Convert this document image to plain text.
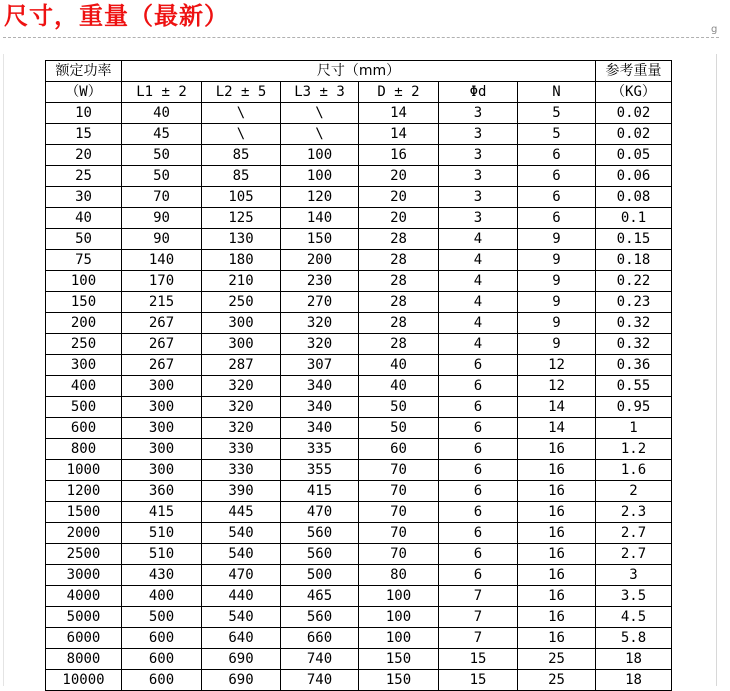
尺寸，重量（最新）	g
额定功率	尺寸（mm）						参考重量
（W）	L1 ± 2	L2 ± 5	L3 ± 3	D ± 2	Φd	N	（KG）
10	40	\	\	14	3	5	0.02
15	45	\	\	14	3	5	0.02
20	50	85	100	16	3	6	0.05
25	50	85	100	20	3	6	0.06
30	70	105	120	20	3	6	0.08
40	90	125	140	20	3	6	0.1
50	90	130	150	28	4	9	0.15
75	140	180	200	28	4	9	0.18
100	170	210	230	28	4	9	0.22
150	215	250	270	28	4	9	0.23
200	267	300	320	28	4	9	0.32
250	267	300	320	28	4	9	0.32
300	267	287	307	40	6	12	0.36
400	300	320	340	40	6	12	0.55
500	300	320	340	50	6	14	0.95
600	300	320	340	50	6	14	1
800	300	330	335	60	6	16	1.2
1000	300	330	355	70	6	16	1.6
1200	360	390	415	70	6	16	2
1500	415	445	470	70	6	16	2.3
2000	510	540	560	70	6	16	2.7
2500	510	540	560	70	6	16	2.7
3000	430	470	500	80	6	16	3
4000	400	440	465	100	7	16	3.5
5000	500	540	560	100	7	16	4.5
6000	600	640	660	100	7	16	5.8
8000	600	690	740	150	15	25	18
10000	600	690	740	150	15	25	18
